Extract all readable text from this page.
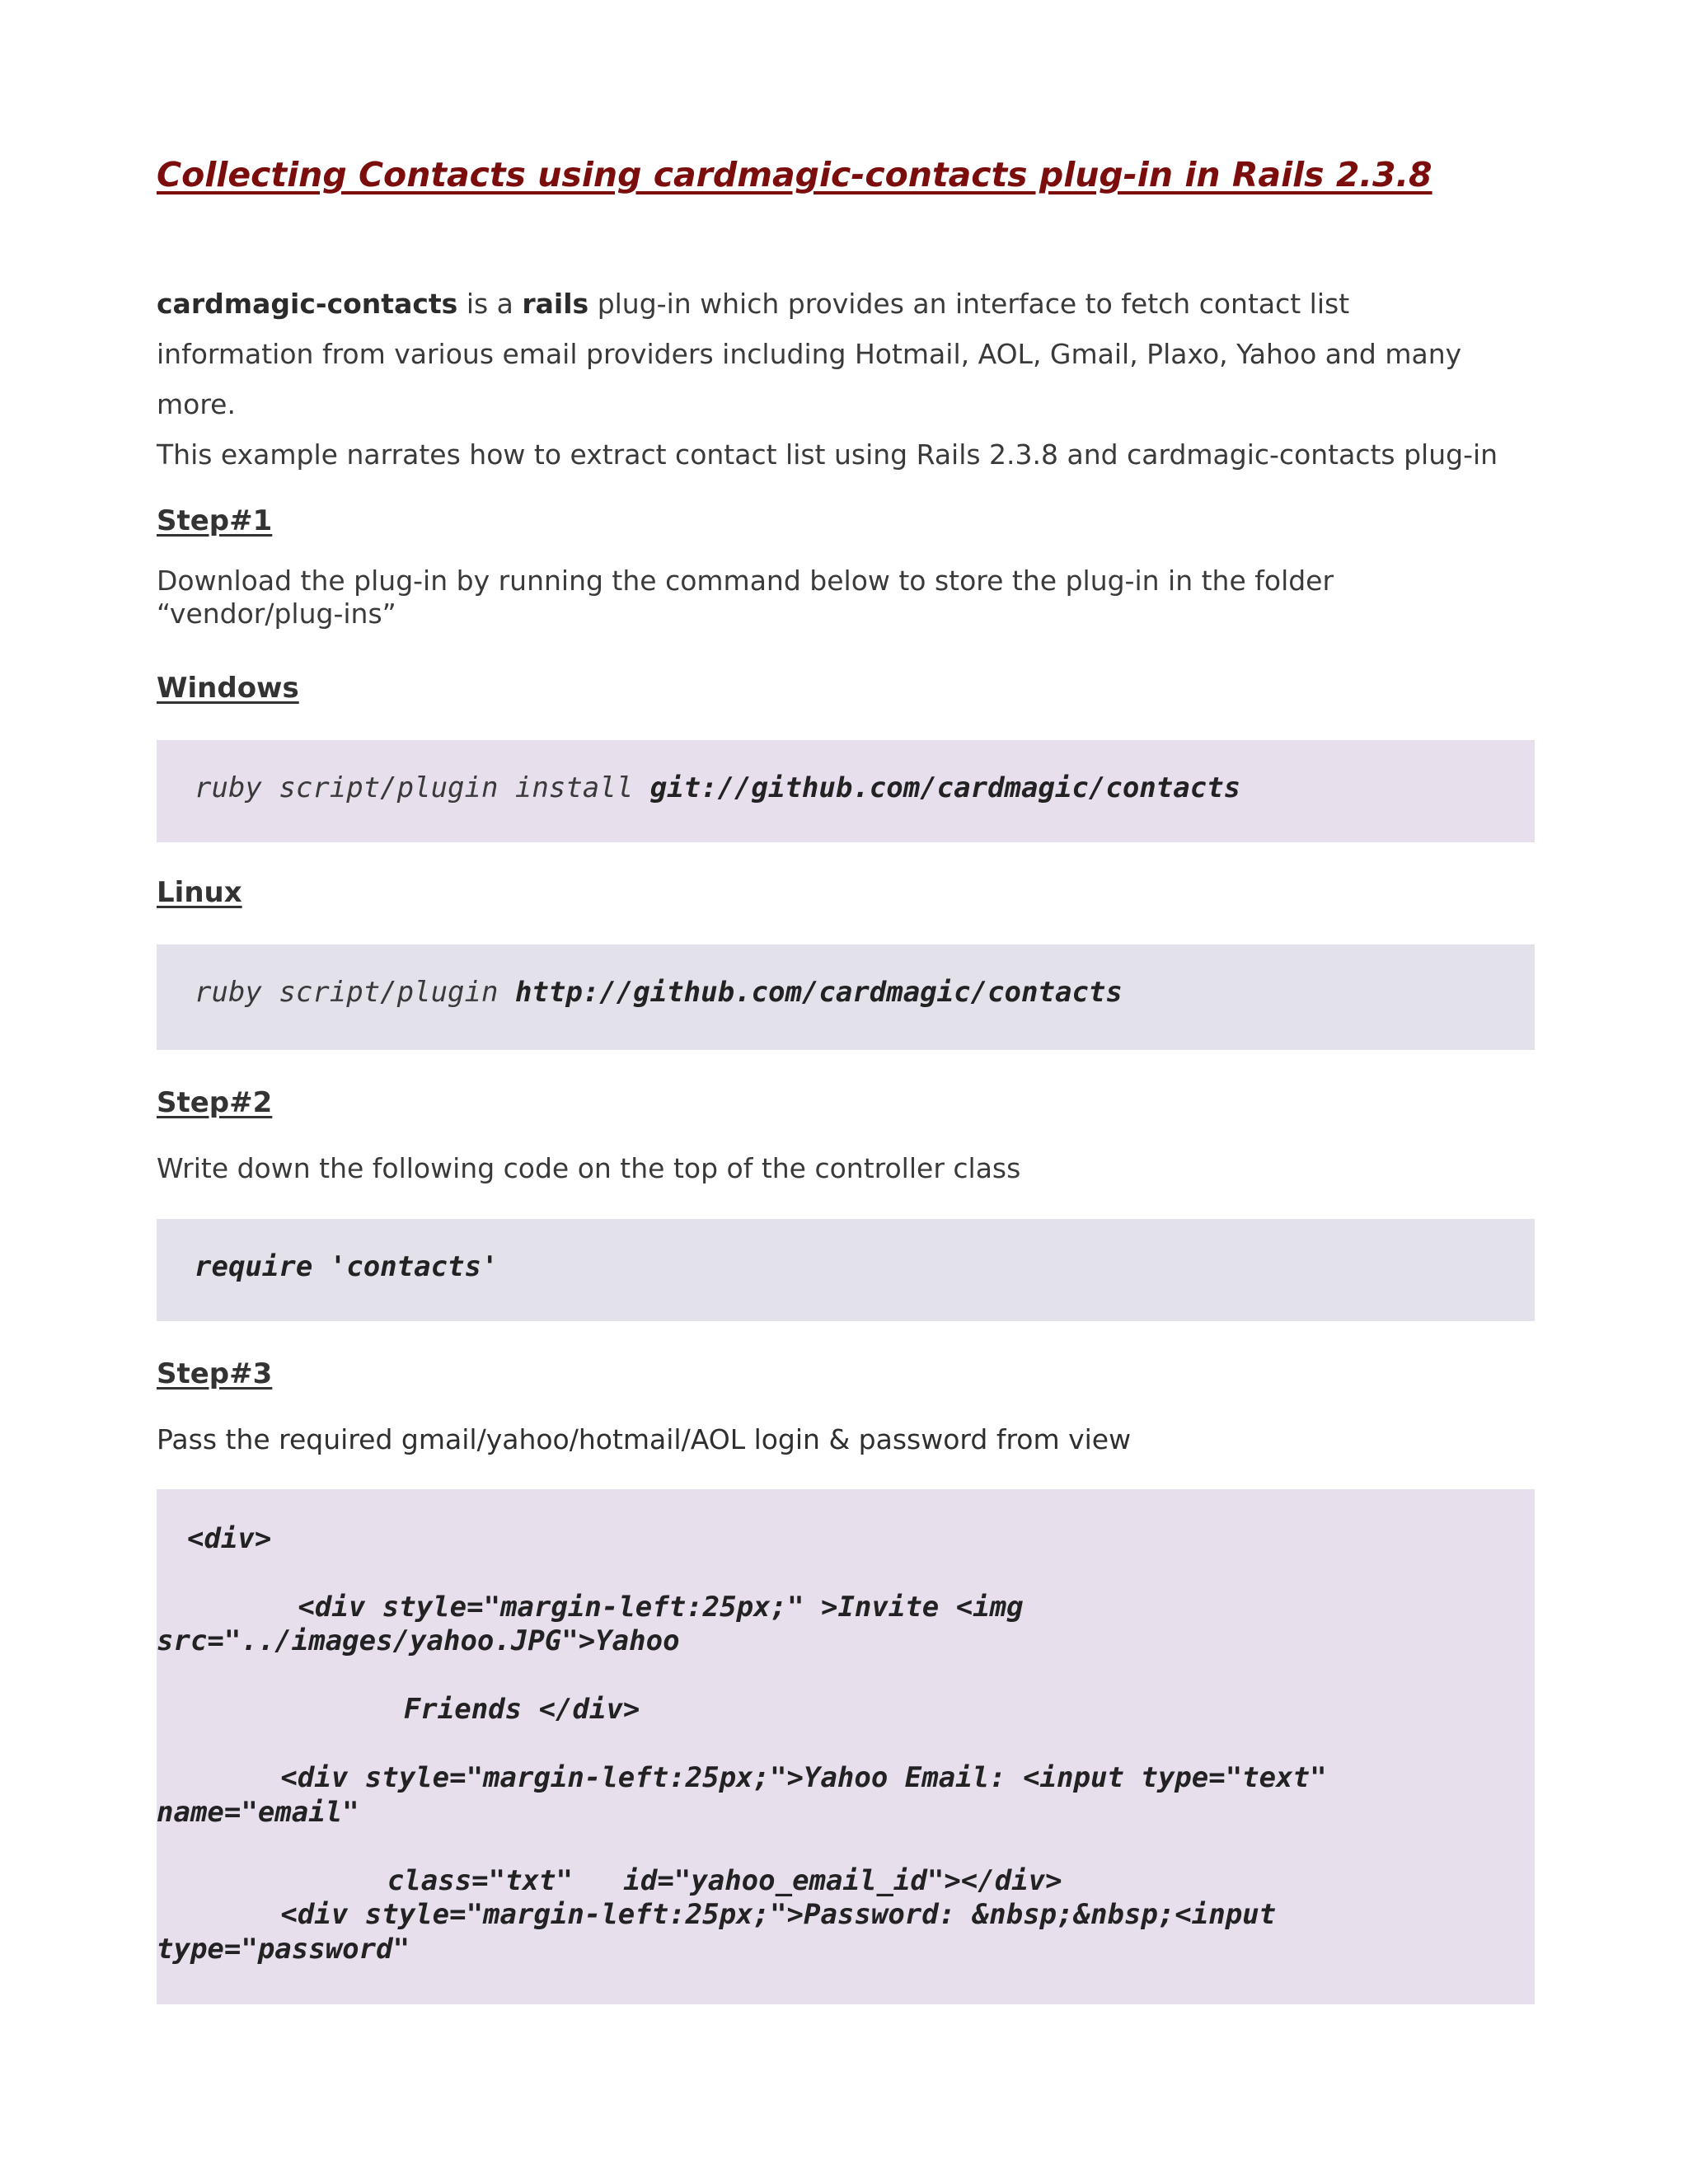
Collecting Contacts using cardmagic-contacts plug-in in Rails 2.3.8
cardmagic-contacts is a rails plug-in which provides an interface to fetch contact list
information from various email providers including Hotmail, AOL, Gmail, Plaxo, Yahoo and many
more.
This example narrates how to extract contact list using Rails 2.3.8 and cardmagic-contacts plug-in
Step#1
Download the plug-in by running the command below to store the plug-in in the folder
“vendor/plug-ins”
Windows
ruby script/plugin install git://github.com/cardmagic/contacts
Linux
ruby script/plugin http://github.com/cardmagic/contacts
Step#2
Write down the following code on the top of the controller class
require 'contacts'
Step#3
Pass the required gmail/yahoo/hotmail/AOL login & password from view
<div>
<div style="margin-left:25px;" >Invite <img
src="../images/yahoo.JPG">Yahoo
Friends </div>
<div style="margin-left:25px;">Yahoo Email: <input type="text"
name="email"
class="txt"   id="yahoo_email_id"></div>
<div style="margin-left:25px;">Password: &nbsp;&nbsp;<input
type="password"
